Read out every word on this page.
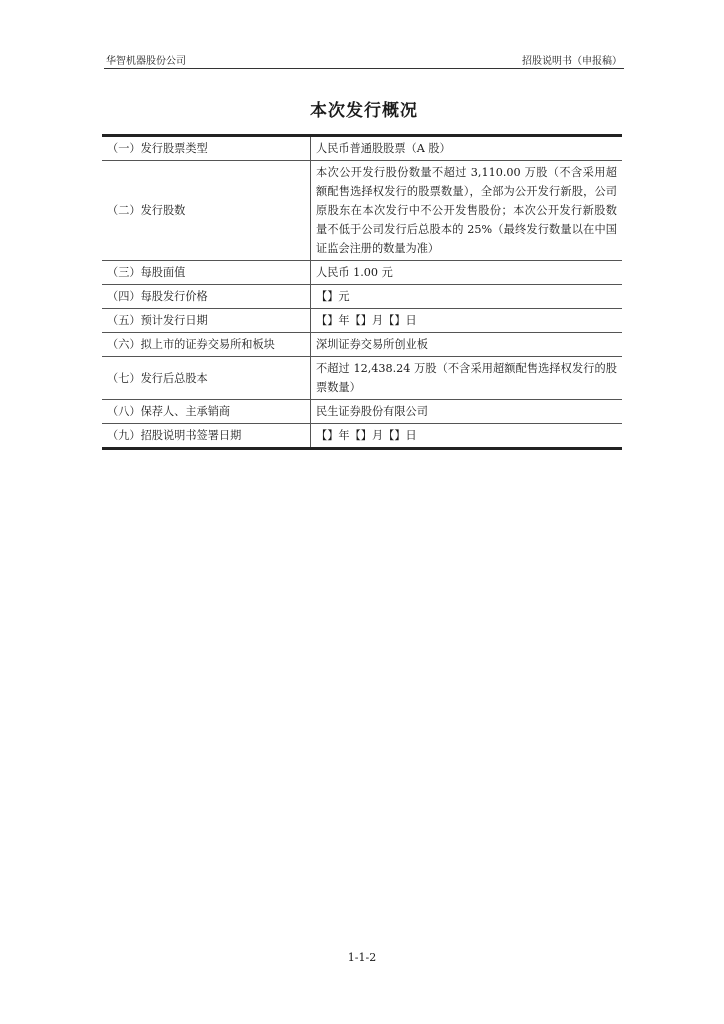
华智机器股份公司	招股说明书（申报稿）
本次发行概况
（一）发行股票类型	人民币普通股股票（A 股）
（二）发行股数	本次公开发行股份数量不超过 3,110.00 万股（不含采用超额配售选择权发行的股票数量），全部为公开发行新股，公司原股东在本次发行中不公开发售股份；本次公开发行新股数量不低于公司发行后总股本的 25%（最终发行数量以在中国证监会注册的数量为准）
（三）每股面值	人民币 1.00 元
（四）每股发行价格	【】元
（五）预计发行日期	【】年【】月【】日
（六）拟上市的证券交易所和板块	深圳证券交易所创业板
（七）发行后总股本	不超过 12,438.24 万股（不含采用超额配售选择权发行的股票数量）
（八）保荐人、主承销商	民生证券股份有限公司
（九）招股说明书签署日期	【】年【】月【】日
1-1-2
